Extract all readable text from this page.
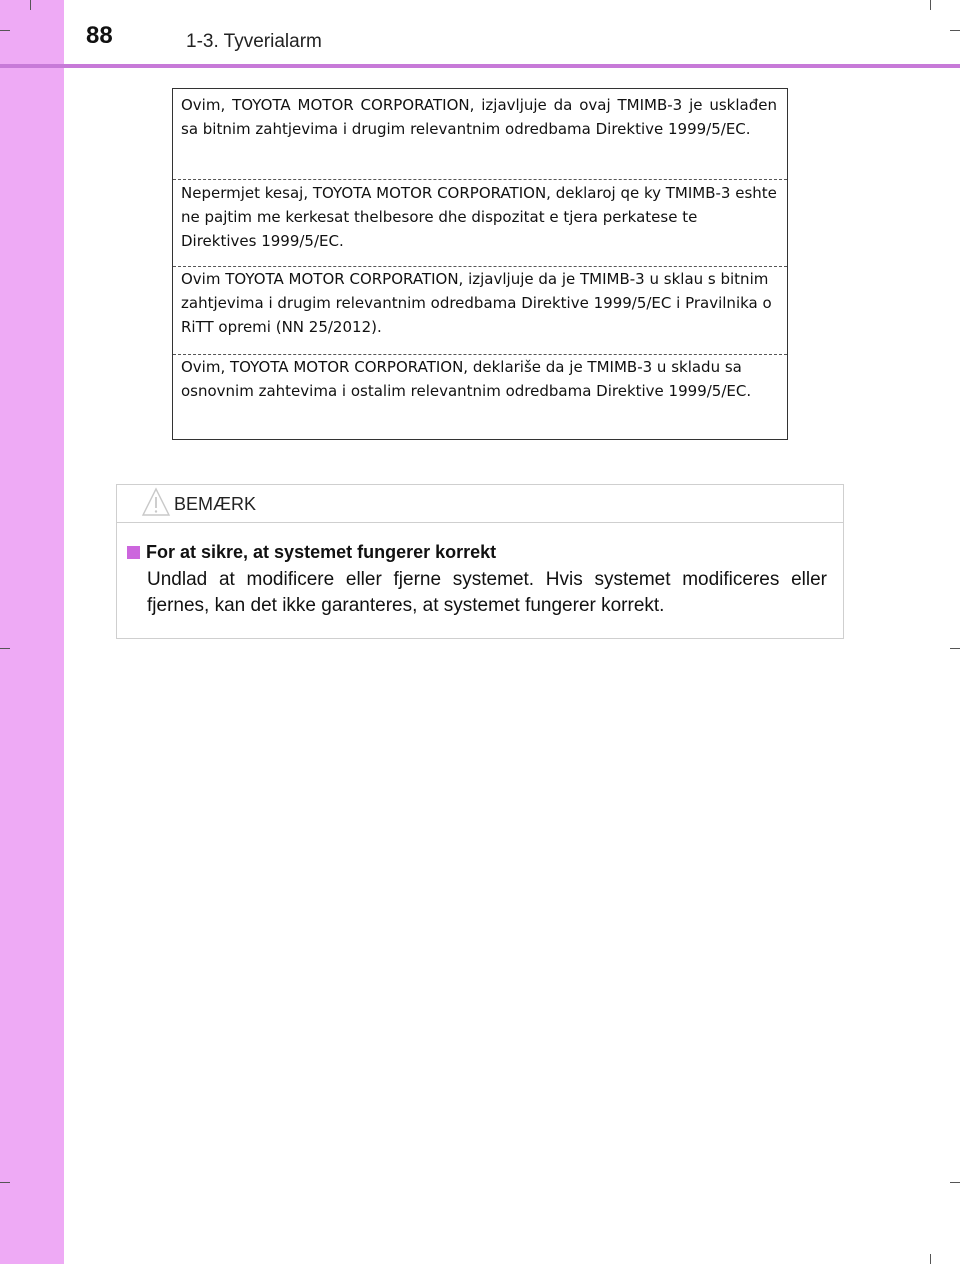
88	1-3. Tyverialarm
Ovim, TOYOTA MOTOR CORPORATION, izjavljuje da ovaj TMIMB-3 je usklađen sa bitnim zahtjevima i drugim relevantnim odredbama Direktive 1999/5/EC.
Nepermjet kesaj, TOYOTA MOTOR CORPORATION, deklaroj qe ky TMIMB-3 eshte ne pajtim me kerkesat thelbesore dhe dispozitat e tjera perkatese te Direktives 1999/5/EC.
Ovim TOYOTA MOTOR CORPORATION, izjavljuje da je TMIMB-3 u sklau s bitnim zahtjevima i drugim relevantnim odredbama Direktive 1999/5/EC i Pravilnika o RiTT opremi (NN 25/2012).
Ovim, TOYOTA MOTOR CORPORATION, deklariše da je TMIMB-3 u skladu sa osnovnim zahtevima i ostalim relevantnim odredbama Direktive 1999/5/EC.
BEMÆRK
For at sikre, at systemet fungerer korrekt
Undlad at modificere eller fjerne systemet. Hvis systemet modificeres eller fjernes, kan det ikke garanteres, at systemet fungerer korrekt.
